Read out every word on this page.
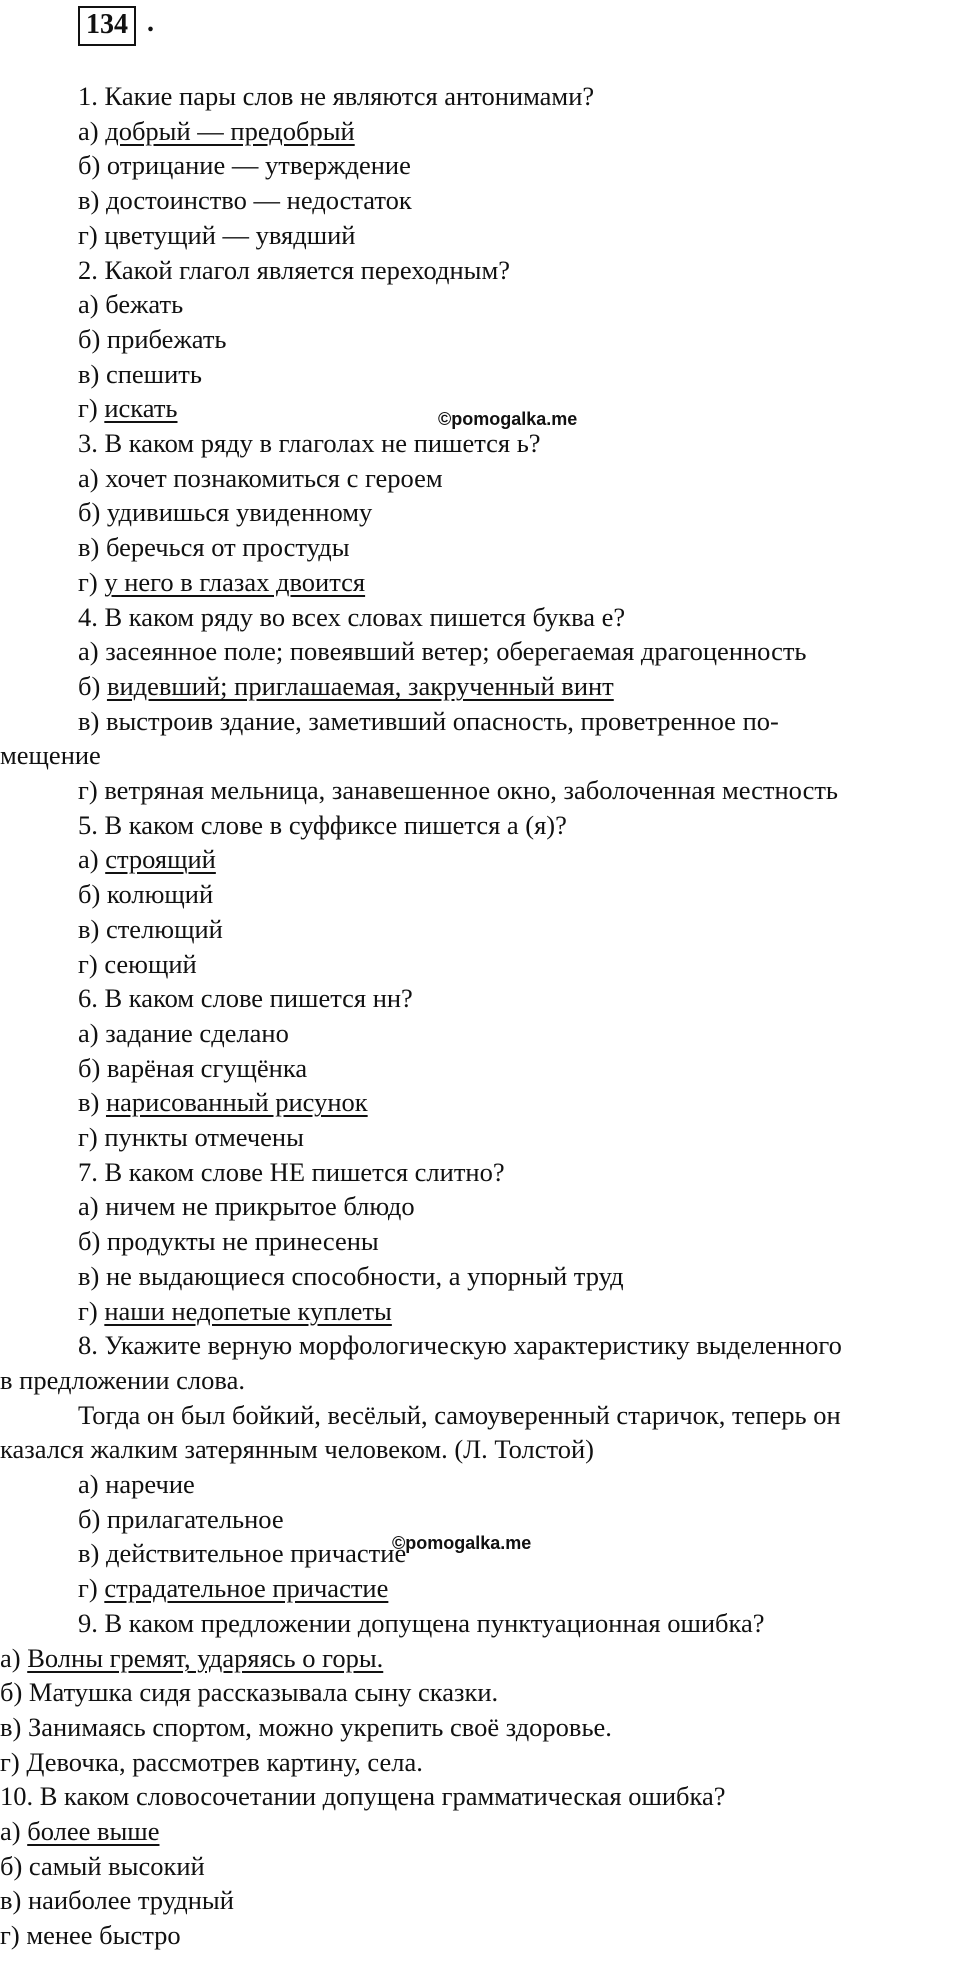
134 .
1. Какие пары слов не являются антонимами?
а) добрый — предобрый
б) отрицание — утверждение
в) достоинство — недостаток
г) цветущий — увядший
2. Какой глагол является переходным?
а) бежать
б) прибежать
в) спешить
г) искать
3. В каком ряду в глаголах не пишется ь?
а) хочет познакомиться с героем
б) удивишься увиденному
в) беречься от простуды
г) у него в глазах двоится
4. В каком ряду во всех словах пишется буква е?
а) засеянное поле; повеявший ветер; оберегаемая драгоценность
б) видевший; приглашаемая, закрученный винт
в) выстроив здание, заметивший опасность, проветренное по-
мещение
г) ветряная мельница, занавешенное окно, заболоченная местность
5. В каком слове в суффиксе пишется а (я)?
а) строящий
б) колющий
в) стелющий
г) сеющий
6. В каком слове пишется нн?
а) задание сделано
б) варёная сгущёнка
в) нарисованный рисунок
г) пункты отмечены
7. В каком слове НЕ пишется слитно?
а) ничем не прикрытое блюдо
б) продукты не принесены
в) не выдающиеся способности, а упорный труд
г) наши недопетые куплеты
8. Укажите верную морфологическую характеристику выделенного
в предложении слова.
Тогда он был бойкий, весёлый, самоуверенный старичок, теперь он
казался жалким затерянным человеком. (Л. Толстой)
а) наречие
б) прилагательное
в) действительное причастие
г) страдательное причастие
9. В каком предложении допущена пунктуационная ошибка?
а) Волны гремят, ударяясь о горы.
б) Матушка сидя рассказывала сыну сказки.
в) Занимаясь спортом, можно укрепить своё здоровье.
г) Девочка, рассмотрев картину, села.
10. В каком словосочетании допущена грамматическая ошибка?
а) более выше
б) самый высокий
в) наиболее трудный
г) менее быстро
©pomogalka.me
©pomogalka.me
